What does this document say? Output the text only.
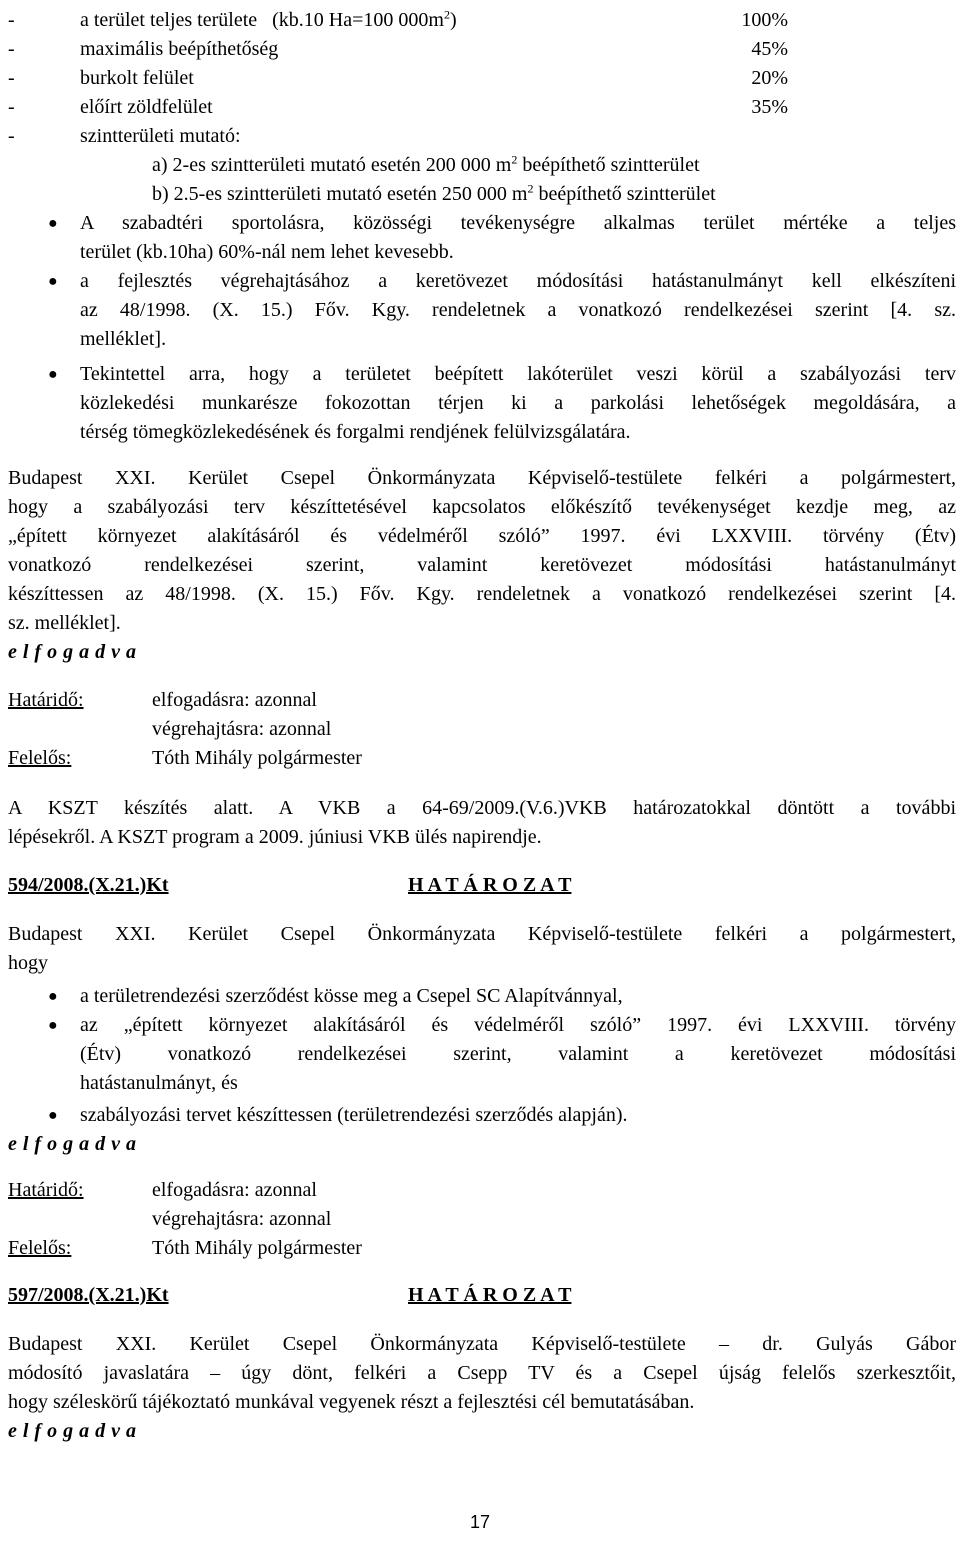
-	a terület teljes területe (kb.10 Ha=100 $000m^2$)	100%
-	maximális beépíthetőség	45%
-	burkolt felület	20%
-	előírt zöldfelület	35%
-	szintterületi mutató:
a) 2-es szintterületi mutató esetén 200 000 $m^2$ beépíthető szintterület
b) 2.5-es szintterületi mutató esetén 250 000 $m^2$ beépíthető szintterület
● A szabadtéri sportolásra, közösségi tevékenységre alkalmas terület mértéke a teljes
terület (kb.10ha) 60%-nál nem lehet kevesebb.
● a fejlesztés végrehajtásához a keretövezet módosítási hatástanulmányt kell elkészíteni
az 48/1998. (X. 15.) Főv. Kgy. rendeletnek a vonatkozó rendelkezései szerint [4. sz.
melléklet].
● Tekintettel arra, hogy a területet beépített lakóterület veszi körül a szabályozási terv
közlekedési munkarésze fokozottan térjen ki a parkolási lehetőségek megoldására, a
térség tömegközlekedésének és forgalmi rendjének felülvizsgálatára.
Budapest XXI. Kerület Csepel Önkormányzata Képviselő-testülete felkéri a polgármestert,
hogy a szabályozási terv készíttetésével kapcsolatos előkészítő tevékenységet kezdje meg, az
„épített környezet alakításáról és védelméről szóló” 1997. évi LXXVIII. törvény (Étv)
vonatkozó rendelkezései szerint, valamint keretövezet módosítási hatástanulmányt
készíttessen az 48/1998. (X. 15.) Főv. Kgy. rendeletnek a vonatkozó rendelkezései szerint [4.
sz. melléklet].
elfogadva
Határidő:	elfogadásra: azonnal
végrehajtásra: azonnal
Felelős:	Tóth Mihály polgármester
A KSZT készítés alatt. A VKB a 64-69/2009.(V.6.)VKB határozatokkal döntött a további
lépésekről. A KSZT program a 2009. júniusi VKB ülés napirendje.
594/2008.(X.21.)Kt	H A T Á R O Z A T
Budapest XXI. Kerület Csepel Önkormányzata Képviselő-testülete felkéri a polgármestert,
hogy
● a területrendezési szerződést kösse meg a Csepel SC Alapítvánnyal,
● az „épített környezet alakításáról és védelméről szóló” 1997. évi LXXVIII. törvény
(Étv) vonatkozó rendelkezései szerint, valamint a keretövezet módosítási
hatástanulmányt, és
● szabályozási tervet készíttessen (területrendezési szerződés alapján).
elfogadva
Határidő:	elfogadásra: azonnal
végrehajtásra: azonnal
Felelős:	Tóth Mihály polgármester
597/2008.(X.21.)Kt	H A T Á R O Z A T
Budapest XXI. Kerület Csepel Önkormányzata Képviselő-testülete – dr. Gulyás Gábor
módosító javaslatára – úgy dönt, felkéri a Csepp TV és a Csepel újság felelős szerkesztőit,
hogy széleskörű tájékoztató munkával vegyenek részt a fejlesztési cél bemutatásában.
elfogadva
17
